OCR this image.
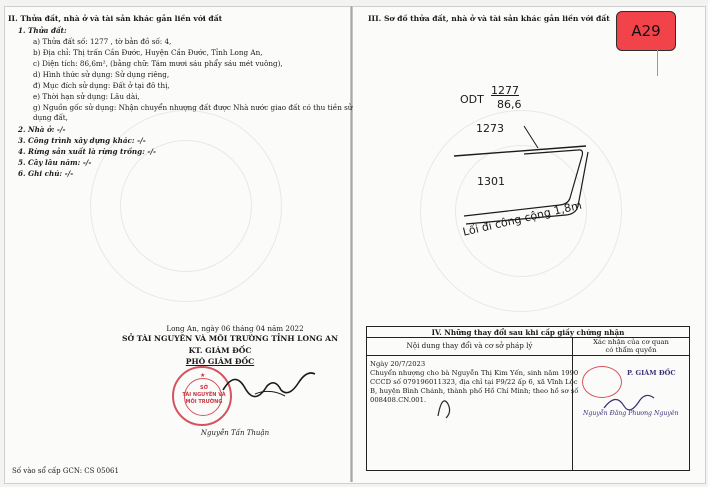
II. Thửa đất, nhà ở và tài sản khác gắn liền với đất
1. Thửa đất:
a) Thửa đất số: 1277 , tờ bản đồ số: 4,
b) Địa chỉ: Thị trấn Cần Đước, Huyện Cần Đước, Tỉnh Long An,
c) Diện tích: 86,6m², (bằng chữ: Tám mươi sáu phẩy sáu mét vuông),
d) Hình thức sử dụng: Sử dụng riêng,
đ) Mục đích sử dụng: Đất ở tại đô thị,
e) Thời hạn sử dụng: Lâu dài,
g) Nguồn gốc sử dụng: Nhận chuyển nhượng đất được Nhà nước giao đất có thu tiền sử
dụng đất,
2. Nhà ở: -/-
3. Công trình xây dựng khác: -/-
4. Rừng sản xuất là rừng trồng: -/-
5. Cây lâu năm: -/-
6. Ghi chú: -/-
Long An, ngày 06 tháng 04 năm 2022
SỞ TÀI NGUYÊN VÀ MÔI TRƯỜNG TỈNH LONG AN
KT. GIÁM ĐỐC
PHÓ GIÁM ĐỐC
★
SỞ
TÀI NGUYÊN VÀ
MÔI TRƯỜNG
Nguyễn Tấn Thuận
Số vào sổ cấp GCN: CS 05061
III. Sơ đồ thửa đất, nhà ở và tài sản khác gắn liền với đất
A29
ODT
1277
86,6
1273
1301
Lối đi công cộng 1,8m
IV. Những thay đổi sau khi cấp giấy chứng nhận
Nội dung thay đổi và cơ sở pháp lý	Xác nhận của cơ quan
có thẩm quyền
Ngày 20/7/2023
Chuyển nhượng cho bà Nguyễn Thị Kim Yến, sinh năm 1990
CCCD số 079196011323, địa chỉ tại F9/22 ấp 6, xã Vĩnh Lộc
B, huyện Bình Chánh, thành phố Hồ Chí Minh; theo hồ sơ số
008408.CN.001.
P. GIÁM ĐỐC
Nguyễn Đăng Phương Nguyên
